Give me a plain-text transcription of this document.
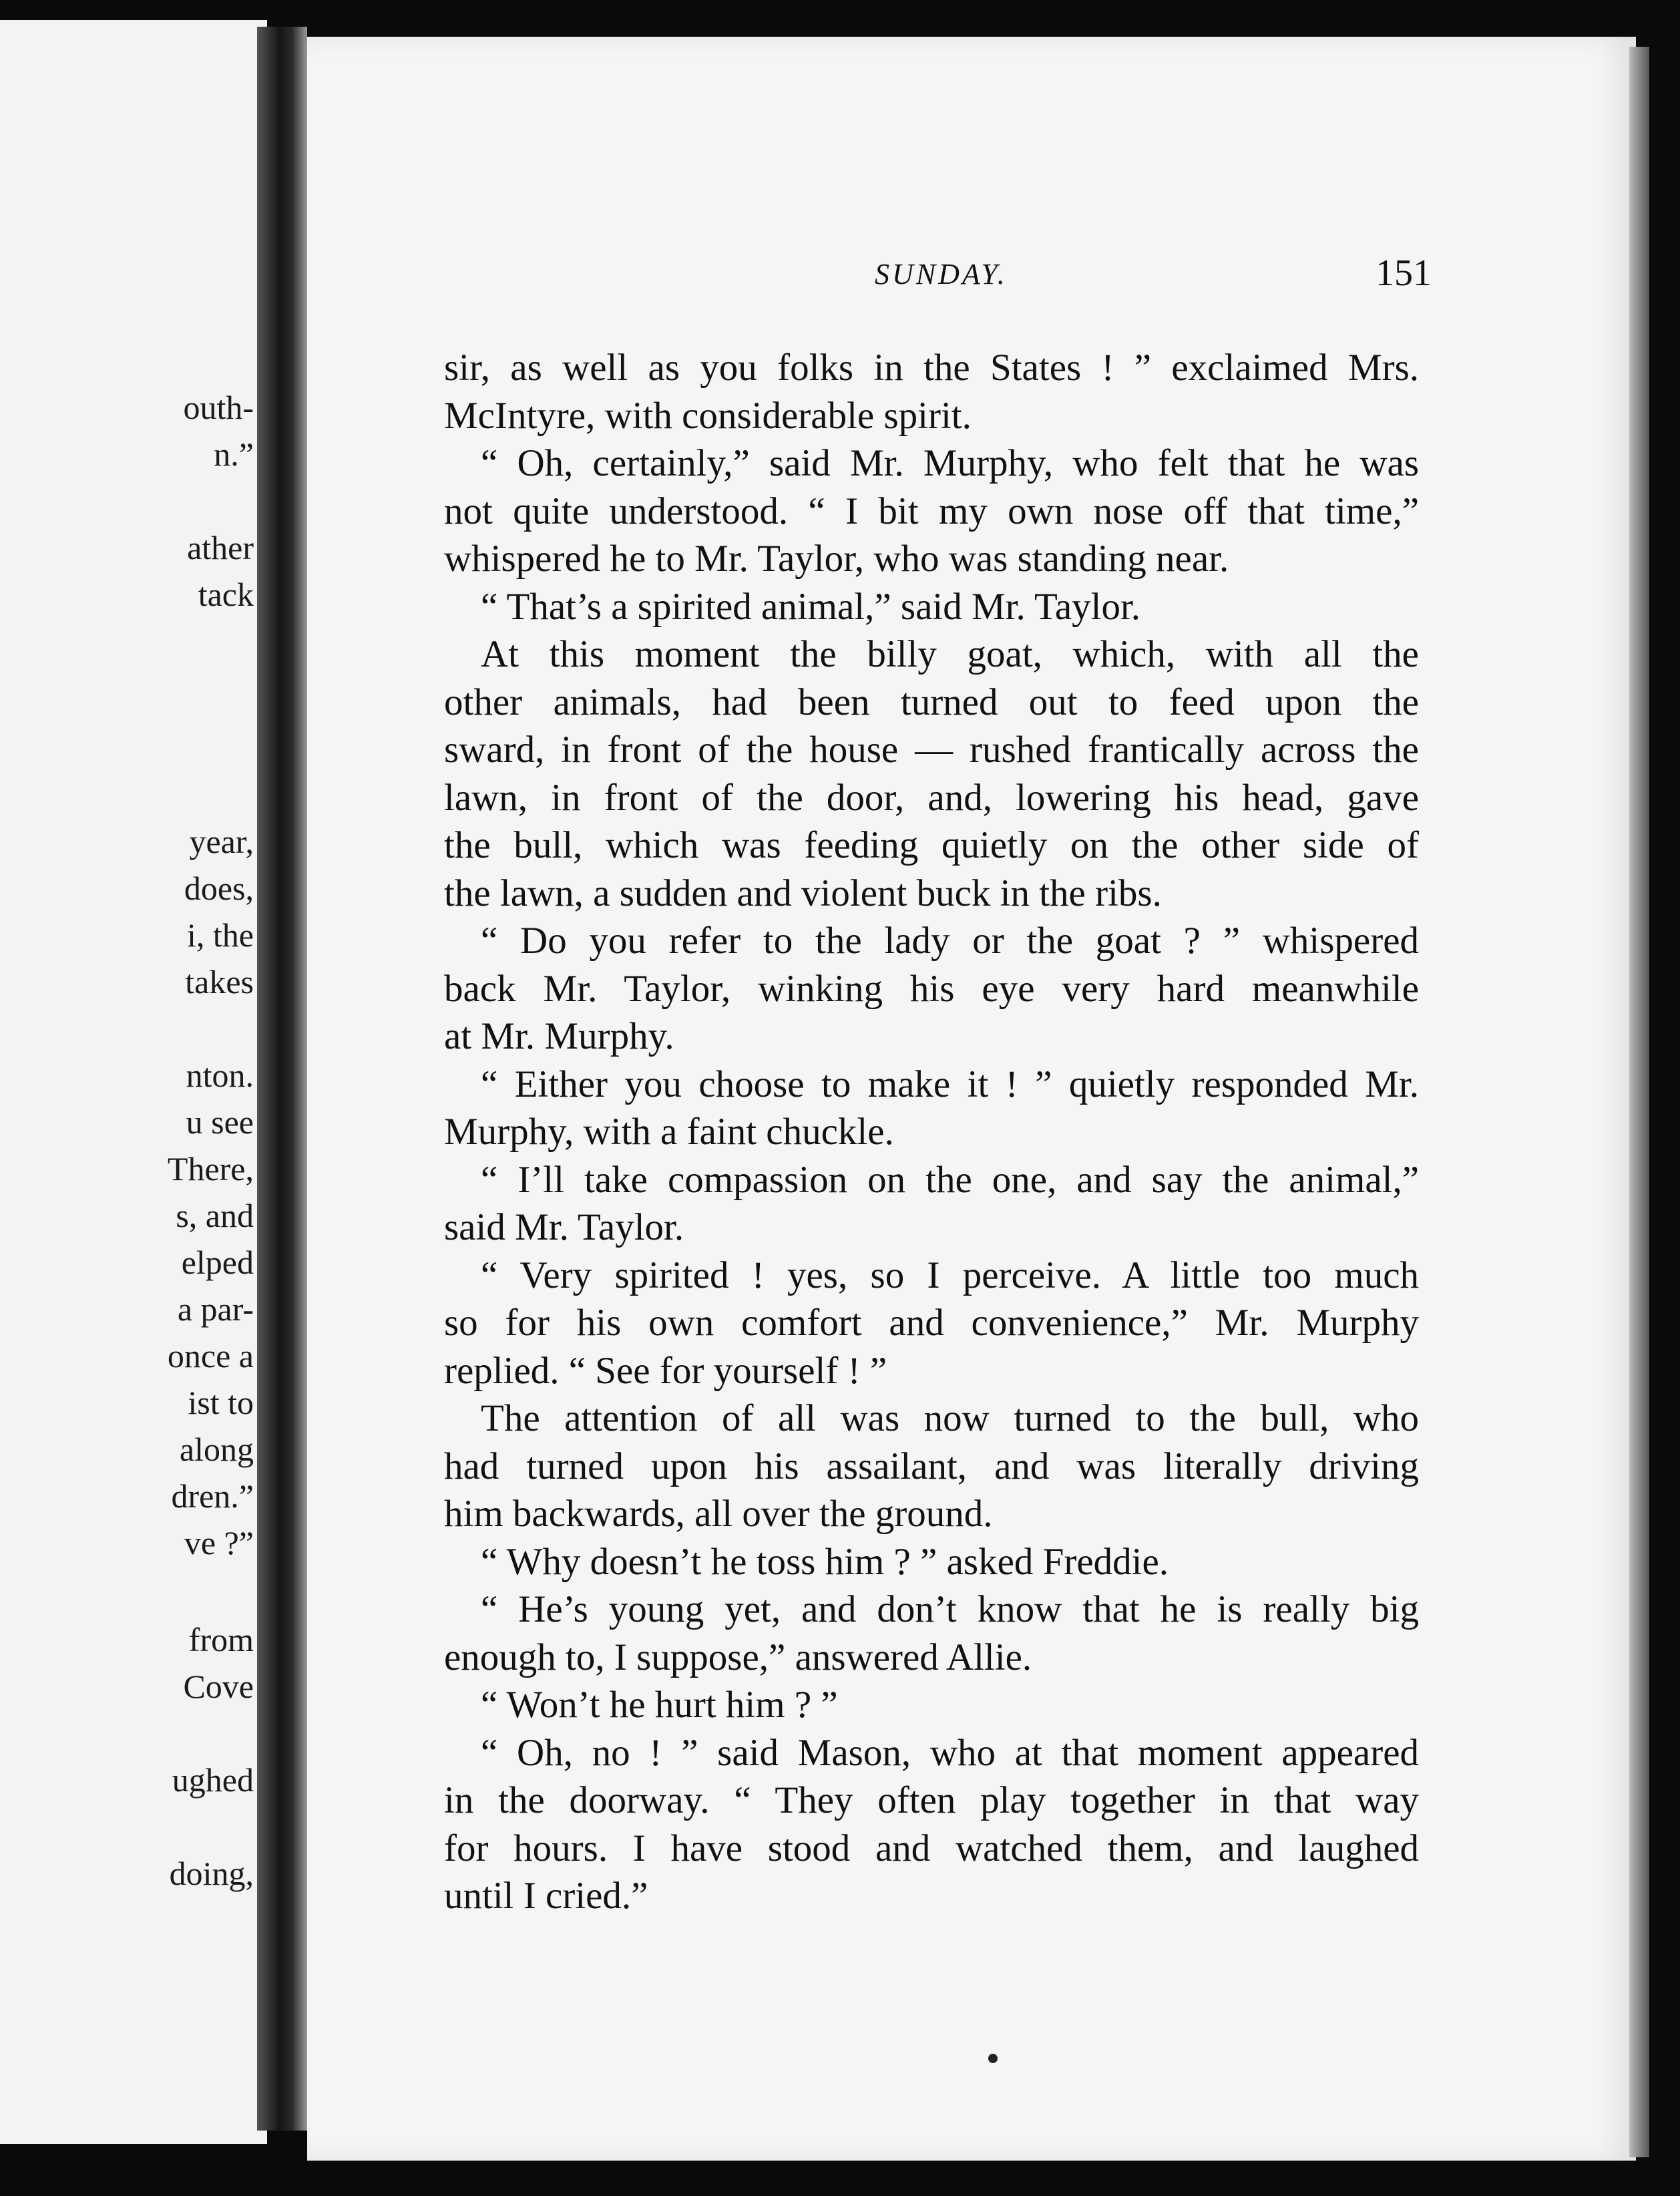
outh-
n.”
ather
tack
year,
does,
i, the
takes
nton.
u see
There,
s, and
elped
a par-
once a
ist to
along
dren.”
ve ?”
from
Cove
ughed
doing,
SUNDAY.	151
sir, as well as you folks in the States ! ” exclaimed Mrs.
McIntyre, with considerable spirit.
“ Oh, certainly,” said Mr. Murphy, who felt that he was
not quite understood. “ I bit my own nose off that time,”
whispered he to Mr. Taylor, who was standing near.
“ That’s a spirited animal,” said Mr. Taylor.
At this moment the billy goat, which, with all the
other animals, had been turned out to feed upon the
sward, in front of the house — rushed frantically across the
lawn, in front of the door, and, lowering his head, gave
the bull, which was feeding quietly on the other side of
the lawn, a sudden and violent buck in the ribs.
“ Do you refer to the lady or the goat ? ” whispered
back Mr. Taylor, winking his eye very hard meanwhile
at Mr. Murphy.
“ Either you choose to make it ! ” quietly responded Mr.
Murphy, with a faint chuckle.
“ I’ll take compassion on the one, and say the animal,”
said Mr. Taylor.
“ Very spirited ! yes, so I perceive. A little too much
so for his own comfort and convenience,” Mr. Murphy
replied. “ See for yourself ! ”
The attention of all was now turned to the bull, who
had turned upon his assailant, and was literally driving
him backwards, all over the ground.
“ Why doesn’t he toss him ? ” asked Freddie.
“ He’s young yet, and don’t know that he is really big
enough to, I suppose,” answered Allie.
“ Won’t he hurt him ? ”
“ Oh, no ! ” said Mason, who at that moment appeared
in the doorway. “ They often play together in that way
for hours. I have stood and watched them, and laughed
until I cried.”
